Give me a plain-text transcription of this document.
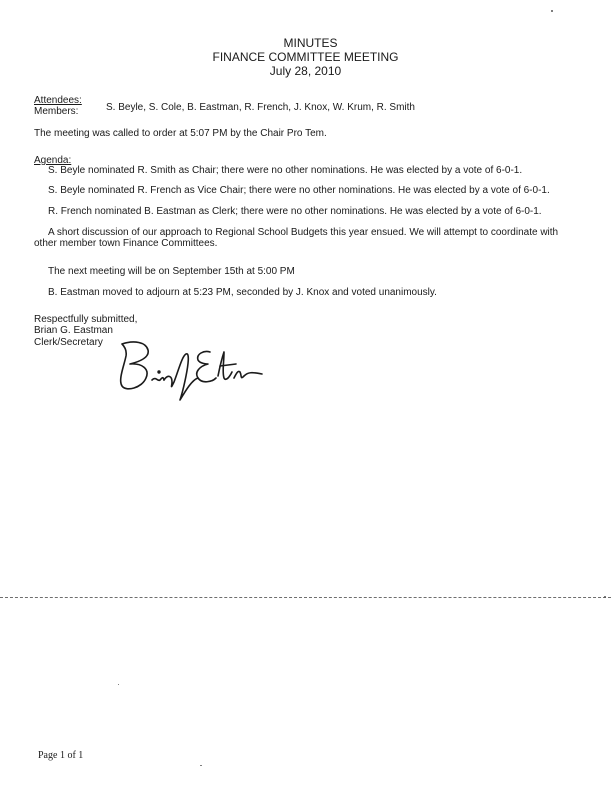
MINUTES
FINANCE COMMITTEE MEETING
July 28, 2010
Attendees:
Members:	S. Beyle, S. Cole, B. Eastman, R. French, J. Knox, W. Krum, R. Smith
The meeting was called to order at 5:07 PM by the Chair Pro Tem.
Agenda:
S. Beyle nominated R. Smith as Chair; there were no other nominations. He was elected by a vote of 6-0-1.
S. Beyle nominated R. French as Vice Chair; there were no other nominations. He was elected by a vote of 6-0-1.
R. French nominated B. Eastman as Clerk; there were no other nominations. He was elected by a vote of 6-0-1.
A short discussion of our approach to Regional School Budgets this year ensued. We will attempt to coordinate with other member town Finance Committees.
The next meeting will be on September 15th at 5:00 PM
B. Eastman moved to adjourn at 5:23 PM, seconded by J. Knox and voted unanimously.
Respectfully submitted,
Brian G. Eastman
Clerk/Secretary
Page 1 of 1
